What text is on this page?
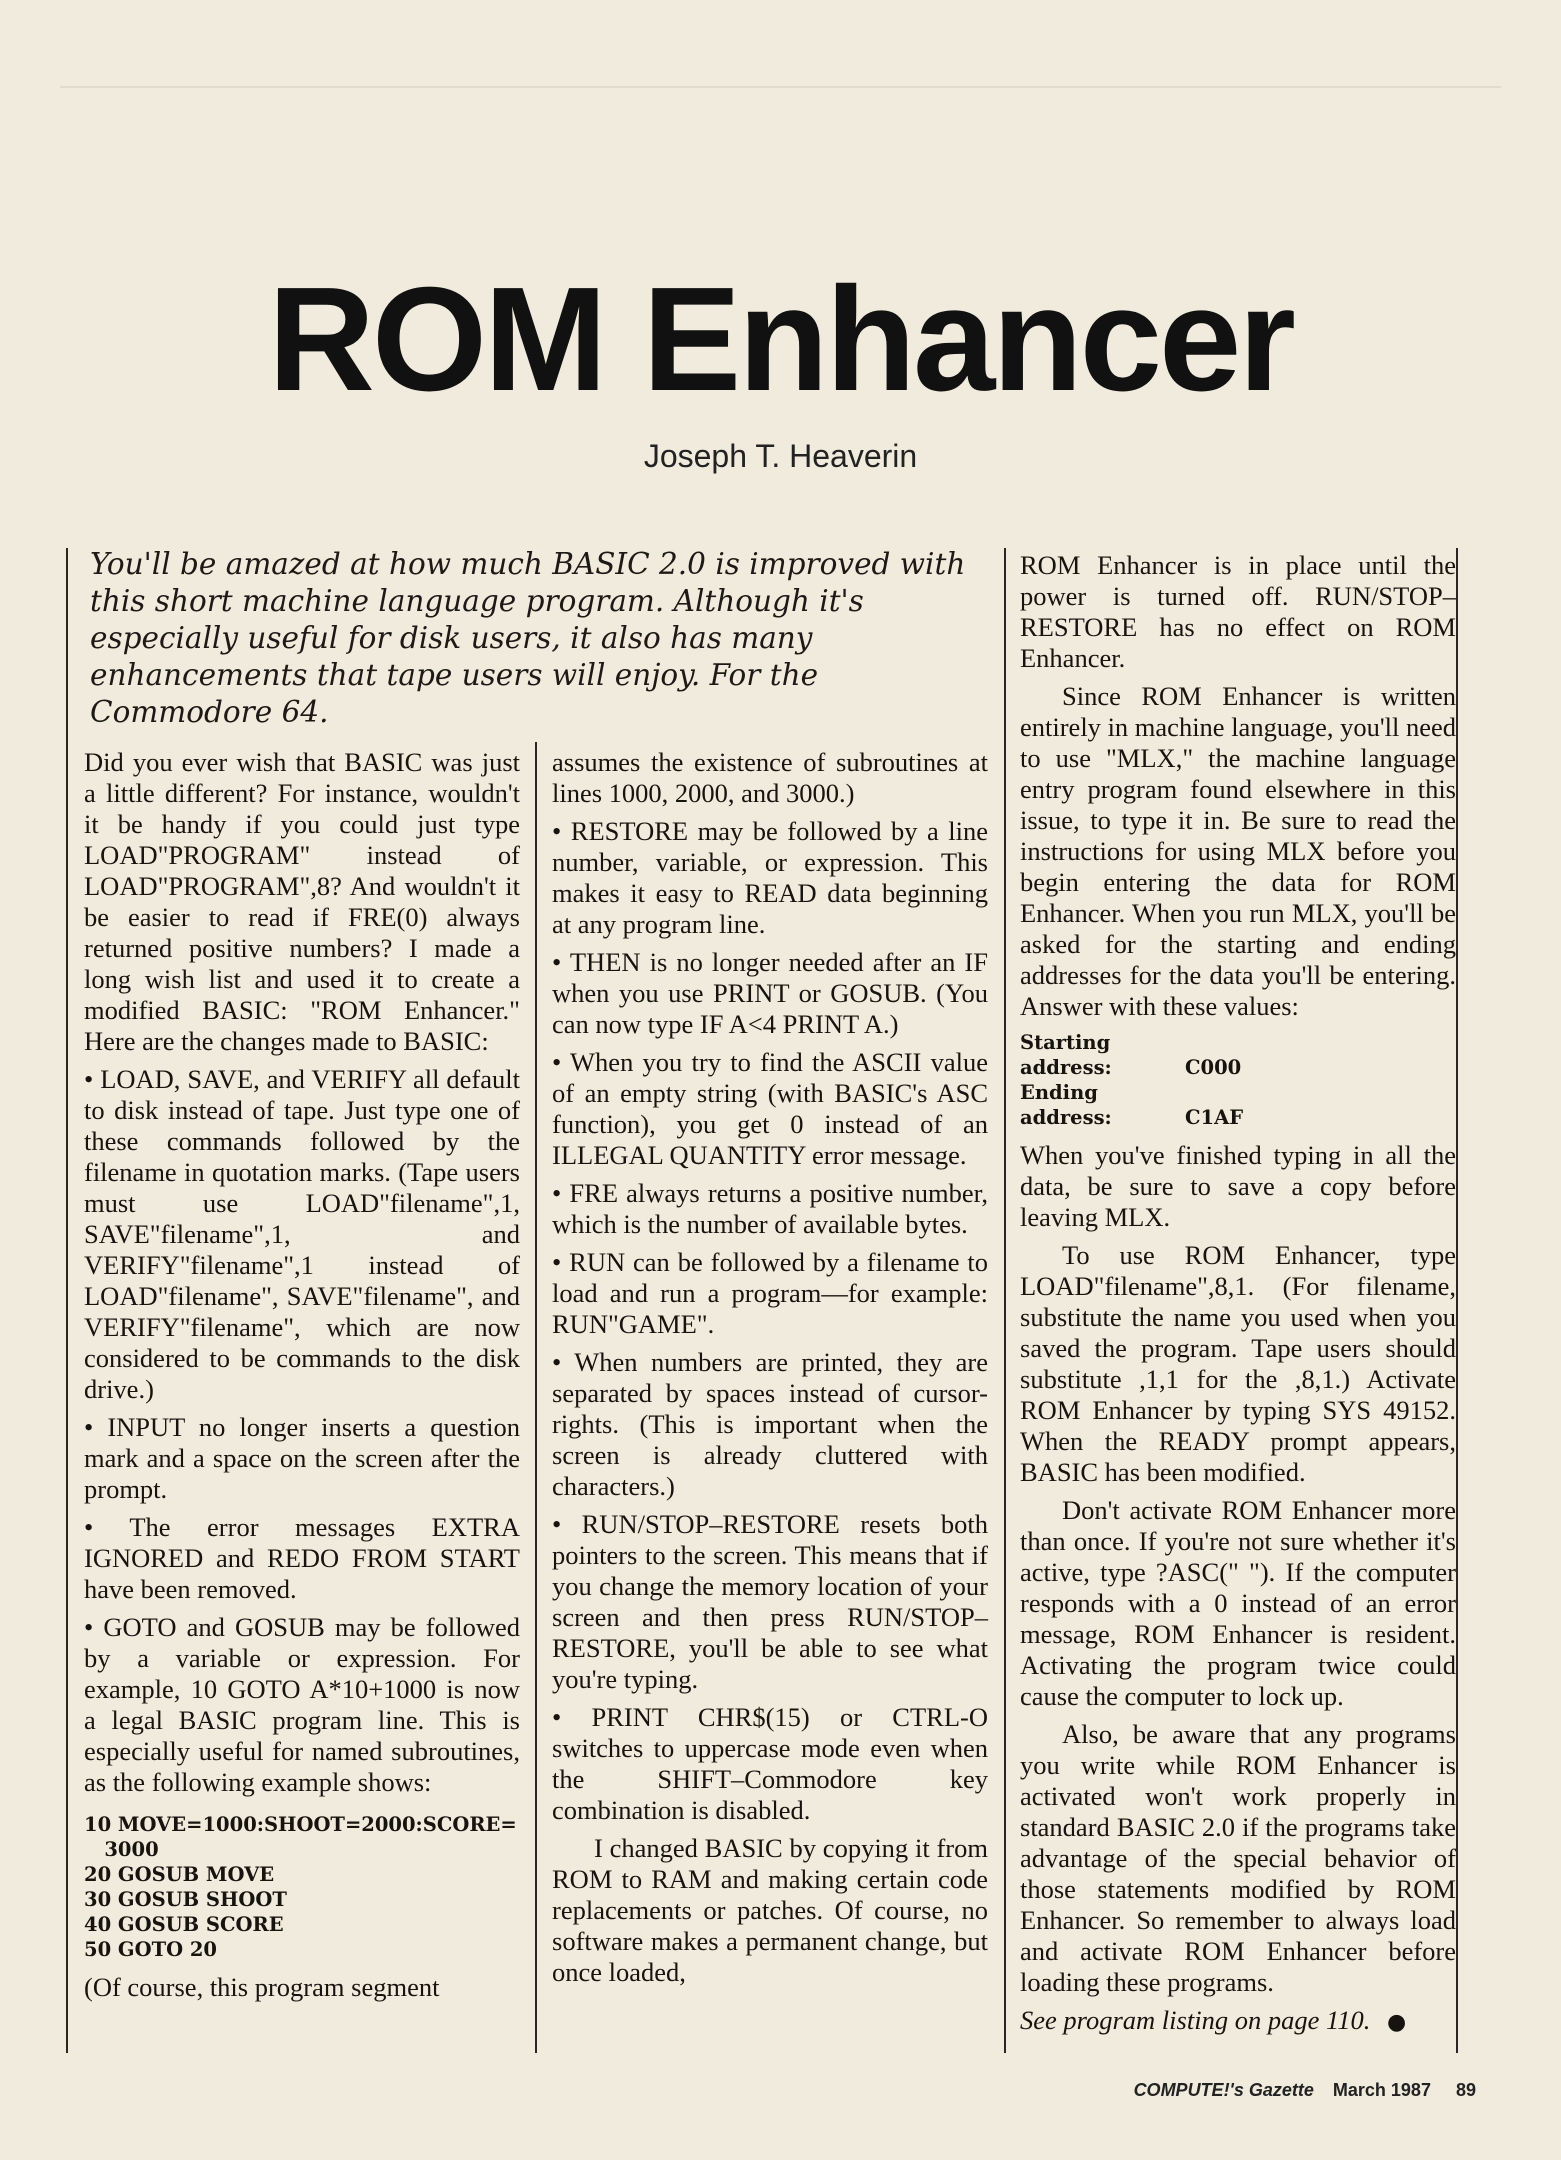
ROM Enhancer
Joseph T. Heaverin
You'll be amazed at how much BASIC 2.0 is improved with this short machine language program. Although it's especially useful for disk users, it also has many enhancements that tape users will enjoy. For the Commodore 64.

Did you ever wish that BASIC was just a little different? For instance, wouldn't it be handy if you could just type LOAD"PROGRAM" instead of LOAD"PROGRAM",8? And wouldn't it be easier to read if FRE(0) always returned positive numbers? I made a long wish list and used it to create a modified BASIC: "ROM Enhancer." Here are the changes made to BASIC:

• LOAD, SAVE, and VERIFY all default to disk instead of tape. Just type one of these commands followed by the filename in quotation marks. (Tape users must use LOAD"filename",1, SAVE"filename",1, and VERIFY"filename",1 instead of LOAD"filename", SAVE"filename", and VERIFY"filename", which are now considered to be commands to the disk drive.)

• INPUT no longer inserts a question mark and a space on the screen after the prompt.

• The error messages EXTRA IGNORED and REDO FROM START have been removed.

• GOTO and GOSUB may be followed by a variable or expression. For example, 10 GOTO A*10+1000 is now a legal BASIC program line. This is especially useful for named subroutines, as the following example shows:

10 MOVE=1000:SHOOT=2000:SCORE=
3000
20 GOSUB MOVE
30 GOSUB SHOOT
40 GOSUB SCORE
50 GOTO 20

(Of course, this program segment

assumes the existence of subroutines at lines 1000, 2000, and 3000.)

• RESTORE may be followed by a line number, variable, or expression. This makes it easy to READ data beginning at any program line.

• THEN is no longer needed after an IF when you use PRINT or GOSUB. (You can now type IF A<4 PRINT A.)

• When you try to find the ASCII value of an empty string (with BASIC's ASC function), you get 0 instead of an ILLEGAL QUANTITY error message.

• FRE always returns a positive number, which is the number of available bytes.

• RUN can be followed by a filename to load and run a program—for example: RUN"GAME".

• When numbers are printed, they are separated by spaces instead of cursor-rights. (This is important when the screen is already cluttered with characters.)

• RUN/STOP–RESTORE resets both pointers to the screen. This means that if you change the memory location of your screen and then press RUN/STOP–RESTORE, you'll be able to see what you're typing.

• PRINT CHR$(15) or CTRL-O switches to uppercase mode even when the SHIFT–Commodore key combination is disabled.

I changed BASIC by copying it from ROM to RAM and making certain code replacements or patches. Of course, no software makes a permanent change, but once loaded,

ROM Enhancer is in place until the power is turned off. RUN/STOP–RESTORE has no effect on ROM Enhancer.

Since ROM Enhancer is written entirely in machine language, you'll need to use "MLX," the machine language entry program found elsewhere in this issue, to type it in. Be sure to read the instructions for using MLX before you begin entering the data for ROM Enhancer. When you run MLX, you'll be asked for the starting and ending addresses for the data you'll be entering. Answer with these values:

Starting address:	C000
Ending address:	C1AF

When you've finished typing in all the data, be sure to save a copy before leaving MLX.

To use ROM Enhancer, type LOAD"filename",8,1. (For filename, substitute the name you used when you saved the program. Tape users should substitute ,1,1 for the ,8,1.) Activate ROM Enhancer by typing SYS 49152. When the READY prompt appears, BASIC has been modified.

Don't activate ROM Enhancer more than once. If you're not sure whether it's active, type ?ASC(" "). If the computer responds with a 0 instead of an error message, ROM Enhancer is resident. Activating the program twice could cause the computer to lock up.

Also, be aware that any programs you write while ROM Enhancer is activated won't work properly in standard BASIC 2.0 if the programs take advantage of the special behavior of those statements modified by ROM Enhancer. So remember to always load and activate ROM Enhancer before loading these programs.

See program listing on page 110. ●

COMPUTE!'s Gazette March 1987 89
